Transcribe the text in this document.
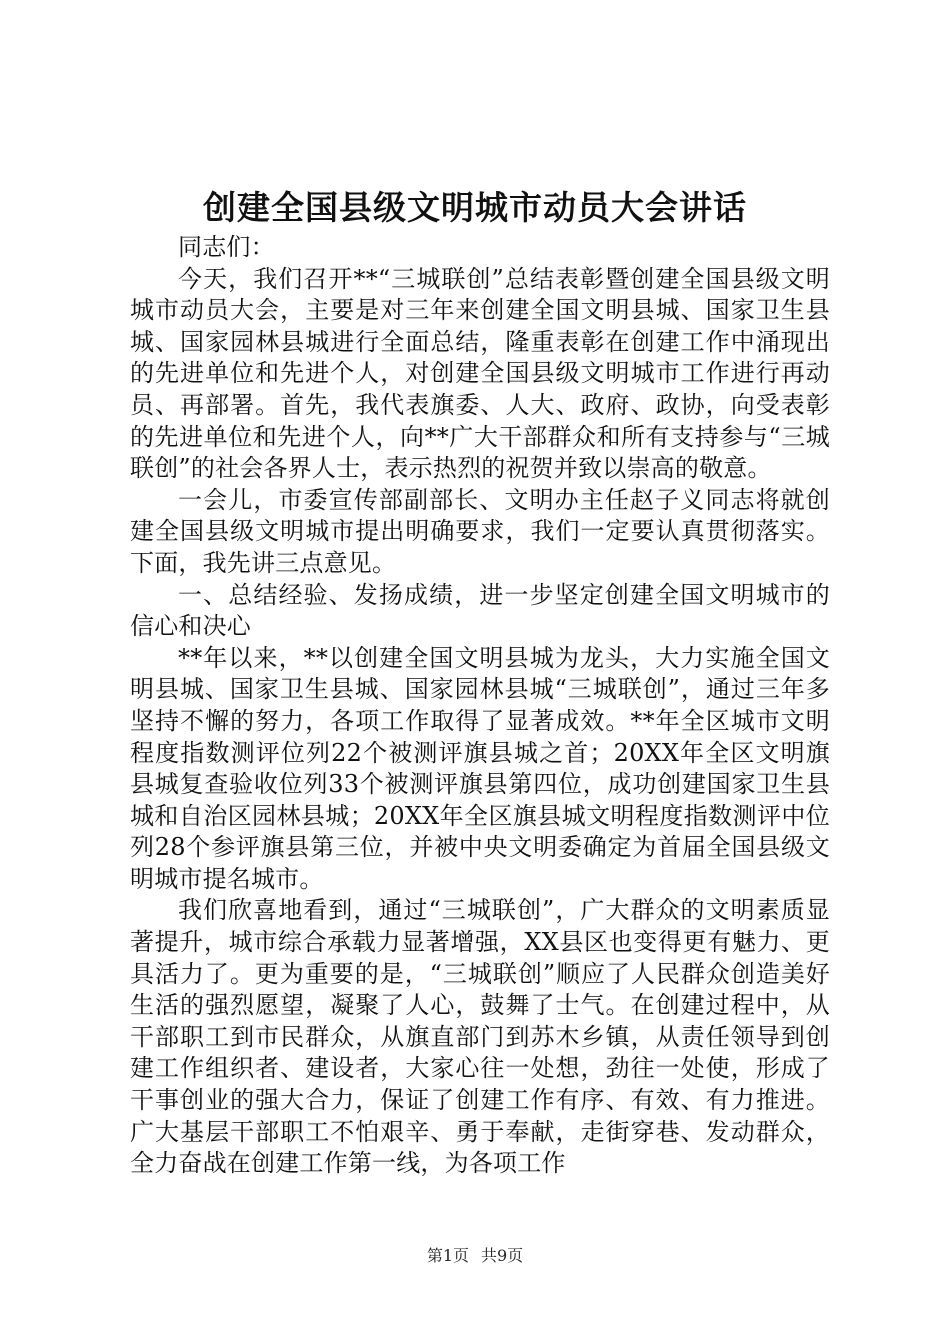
创建全国县级文明城市动员大会讲话

同志们：

今天，我们召开**“三城联创”总结表彰暨创建全国县级文明城市动员大会，主要是对三年来创建全国文明县城、国家卫生县城、国家园林县城进行全面总结，隆重表彰在创建工作中涌现出的先进单位和先进个人，对创建全国县级文明城市工作进行再动员、再部署。首先，我代表旗委、人大、政府、政协，向受表彰的先进单位和先进个人，向**广大干部群众和所有支持参与“三城联创”的社会各界人士，表示热烈的祝贺并致以崇高的敬意。

一会儿，市委宣传部副部长、文明办主任赵子义同志将就创建全国县级文明城市提出明确要求，我们一定要认真贯彻落实。下面，我先讲三点意见。

一、总结经验、发扬成绩，进一步坚定创建全国文明城市的信心和决心

**年以来，**以创建全国文明县城为龙头，大力实施全国文明县城、国家卫生县城、国家园林县城“三城联创”，通过三年多坚持不懈的努力，各项工作取得了显著成效。**年全区城市文明程度指数测评位列22个被测评旗县城之首；20XX年全区文明旗县城复查验收位列33个被测评旗县第四位，成功创建国家卫生县城和自治区园林县城；20XX年全区旗县城文明程度指数测评中位列28个参评旗县第三位，并被中央文明委确定为首届全国县级文明城市提名城市。

我们欣喜地看到，通过“三城联创”，广大群众的文明素质显著提升，城市综合承载力显著增强，XX县区也变得更有魅力、更具活力了。更为重要的是，“三城联创”顺应了人民群众创造美好生活的强烈愿望，凝聚了人心，鼓舞了士气。在创建过程中，从干部职工到市民群众，从旗直部门到苏木乡镇，从责任领导到创建工作组织者、建设者，大家心往一处想，劲往一处使，形成了干事创业的强大合力，保证了创建工作有序、有效、有力推进。广大基层干部职工不怕艰辛、勇于奉献，走街穿巷、发动群众，全力奋战在创建工作第一线，为各项工作

第1页 共9页
